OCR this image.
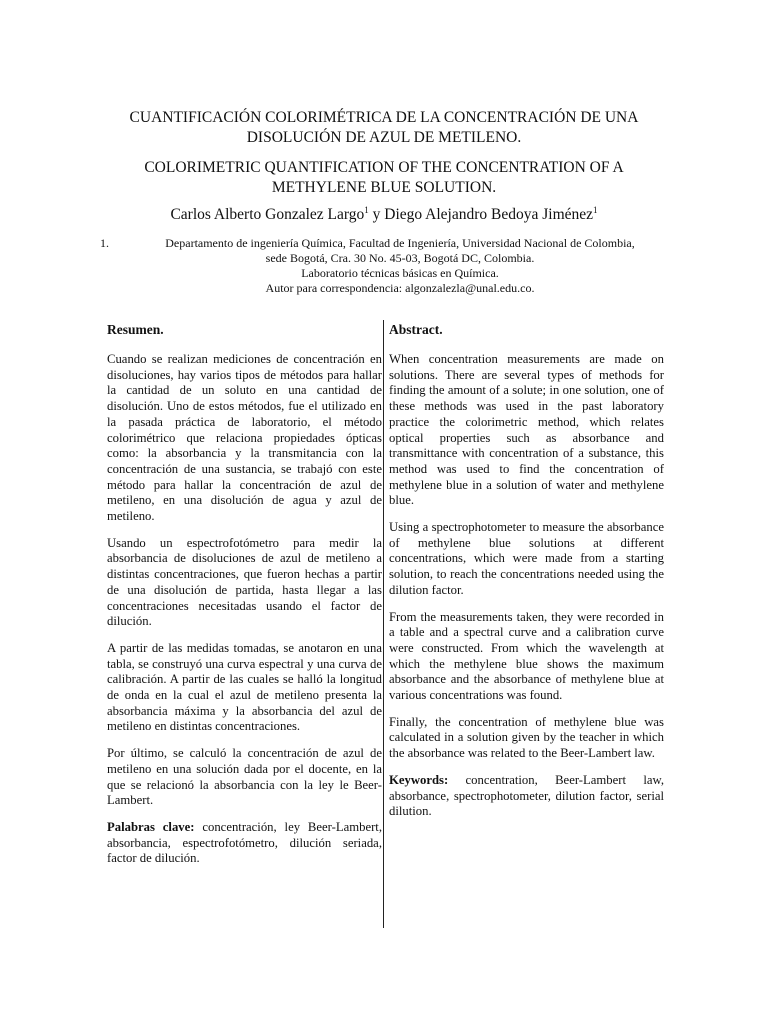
CUANTIFICACIÓN COLORIMÉTRICA DE LA CONCENTRACIÓN DE UNA DISOLUCIÓN DE AZUL DE METILENO.
COLORIMETRIC QUANTIFICATION OF THE CONCENTRATION OF A METHYLENE BLUE SOLUTION.
Carlos Alberto Gonzalez Largo$^1$ y Diego Alejandro Bedoya Jiménez$^1$
1.	Departamento de ingeniería Química, Facultad de Ingeniería, Universidad Nacional de Colombia,
sede Bogotá, Cra. 30 No. 45-03, Bogotá DC, Colombia.
Laboratorio técnicas básicas en Química.
Autor para correspondencia: algonzalezla@unal.edu.co.
Resumen.

Cuando se realizan mediciones de concentración en disoluciones, hay varios tipos de métodos para hallar la cantidad de un soluto en una cantidad de disolución. Uno de estos métodos, fue el utilizado en la pasada práctica de laboratorio, el método colorimétrico que relaciona propiedades ópticas como: la absorbancia y la transmitancia con la concentración de una sustancia, se trabajó con este método para hallar la concentración de azul de metileno, en una disolución de agua y azul de metileno.

Usando un espectrofotómetro para medir la absorbancia de disoluciones de azul de metileno a distintas concentraciones, que fueron hechas a partir de una disolución de partida, hasta llegar a las concentraciones necesitadas usando el factor de dilución.

A partir de las medidas tomadas, se anotaron en una tabla, se construyó una curva espectral y una curva de calibración. A partir de las cuales se halló la longitud de onda en la cual el azul de metileno presenta la absorbancia máxima y la absorbancia del azul de metileno en distintas concentraciones.

Por último, se calculó la concentración de azul de metileno en una solución dada por el docente, en la que se relacionó la absorbancia con la ley le Beer-Lambert.

Palabras clave: concentración, ley Beer-Lambert, absorbancia, espectrofotómetro, dilución seriada, factor de dilución.

Abstract.

When concentration measurements are made on solutions. There are several types of methods for finding the amount of a solute; in one solution, one of these methods was used in the past laboratory practice the colorimetric method, which relates optical properties such as absorbance and transmittance with concentration of a substance, this method was used to find the concentration of methylene blue in a solution of water and methylene blue.

Using a spectrophotometer to measure the absorbance of methylene blue solutions at different concentrations, which were made from a starting solution, to reach the concentrations needed using the dilution factor.

From the measurements taken, they were recorded in a table and a spectral curve and a calibration curve were constructed. From which the wavelength at which the methylene blue shows the maximum absorbance and the absorbance of methylene blue at various concentrations was found.

Finally, the concentration of methylene blue was calculated in a solution given by the teacher in which the absorbance was related to the Beer-Lambert law.

Keywords: concentration, Beer-Lambert law, absorbance, spectrophotometer, dilution factor, serial dilution.
